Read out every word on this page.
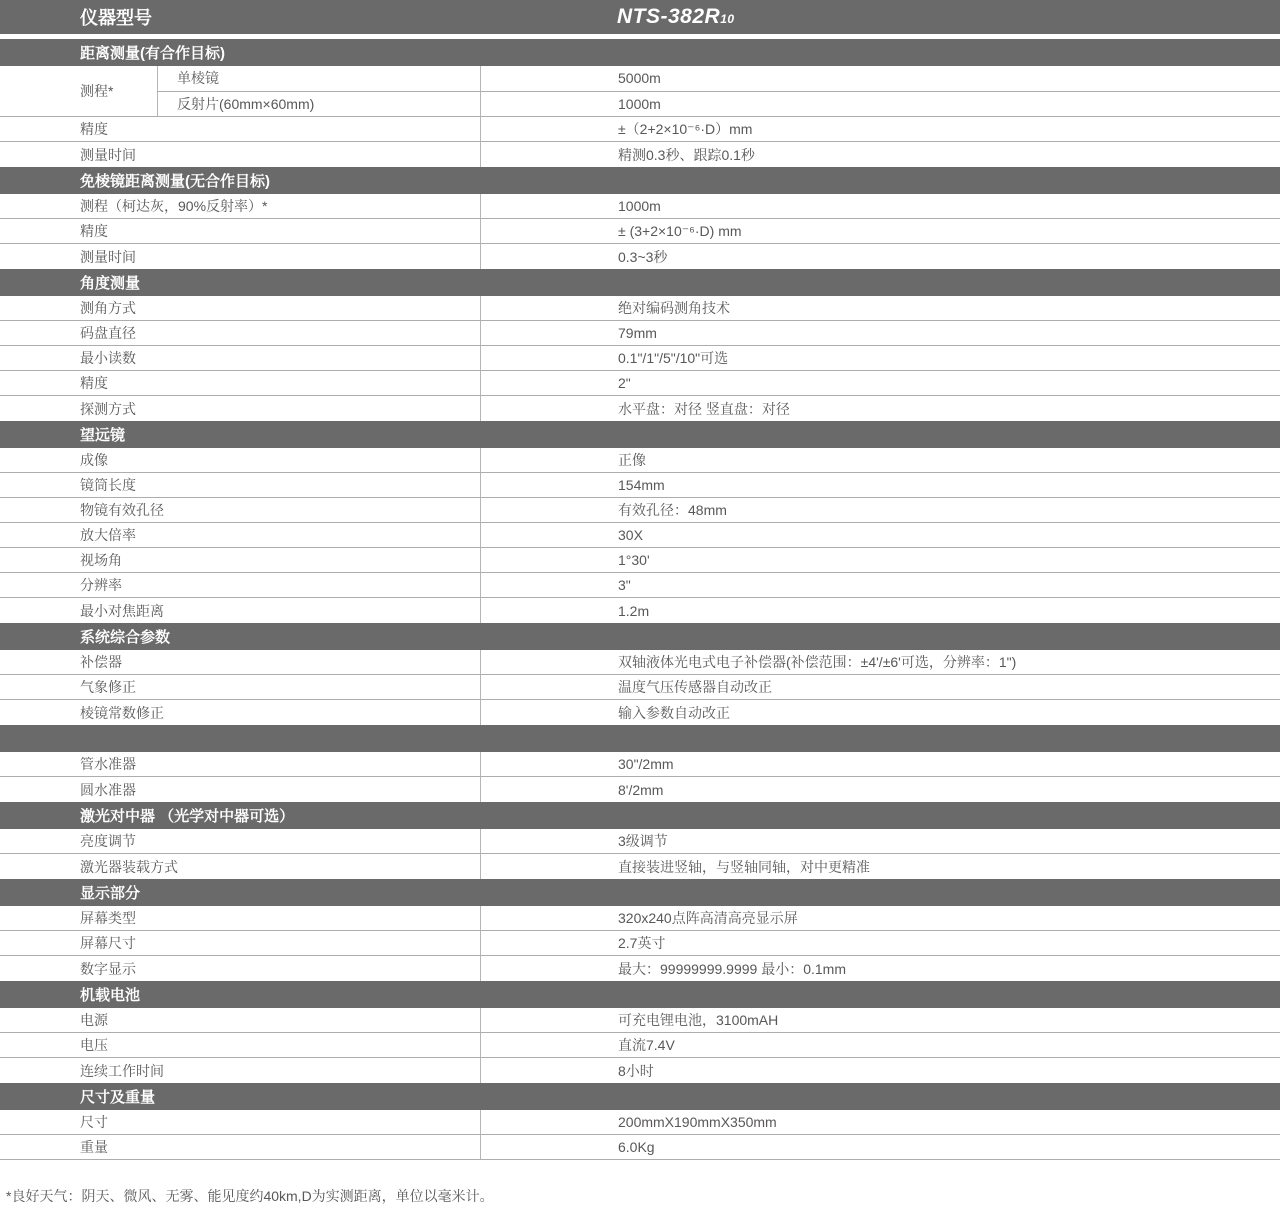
仪器型号	NTS-382R10
距离测量(有合作目标)
测程*
单棱镜	5000m
反射片(60mm×60mm)	1000m
精度	±（2+2×10⁻⁶·D）mm
测量时间	精测0.3秒、跟踪0.1秒
免棱镜距离测量(无合作目标)
测程（柯达灰，90%反射率）*	1000m
精度	± (3+2×10⁻⁶·D) mm
测量时间	0.3~3秒
角度测量
测角方式	绝对编码测角技术
码盘直径	79mm
最小读数	0.1"/1"/5"/10"可选
精度	2"
探测方式	水平盘：对径 竖直盘：对径
望远镜
成像	正像
镜筒长度	154mm
物镜有效孔径	有效孔径：48mm
放大倍率	30X
视场角	1°30'
分辨率	3"
最小对焦距离	1.2m
系统综合参数
补偿器	双轴液体光电式电子补偿器(补偿范围：±4'/±6'可选，分辨率：1")
气象修正	温度气压传感器自动改正
棱镜常数修正	输入参数自动改正
管水准器	30"/2mm
圆水准器	8'/2mm
激光对中器 （光学对中器可选）
亮度调节	3级调节
激光器装载方式	直接装进竖轴，与竖轴同轴，对中更精准
显示部分
屏幕类型	320x240点阵高清高亮显示屏
屏幕尺寸	2.7英寸
数字显示	最大：99999999.9999 最小：0.1mm
机载电池
电源	可充电锂电池，3100mAH
电压	直流7.4V
连续工作时间	8小时
尺寸及重量
尺寸	200mmX190mmX350mm
重量	6.0Kg
*良好天气：阴天、微风、无雾、能见度约40km,D为实测距离，单位以毫米计。
